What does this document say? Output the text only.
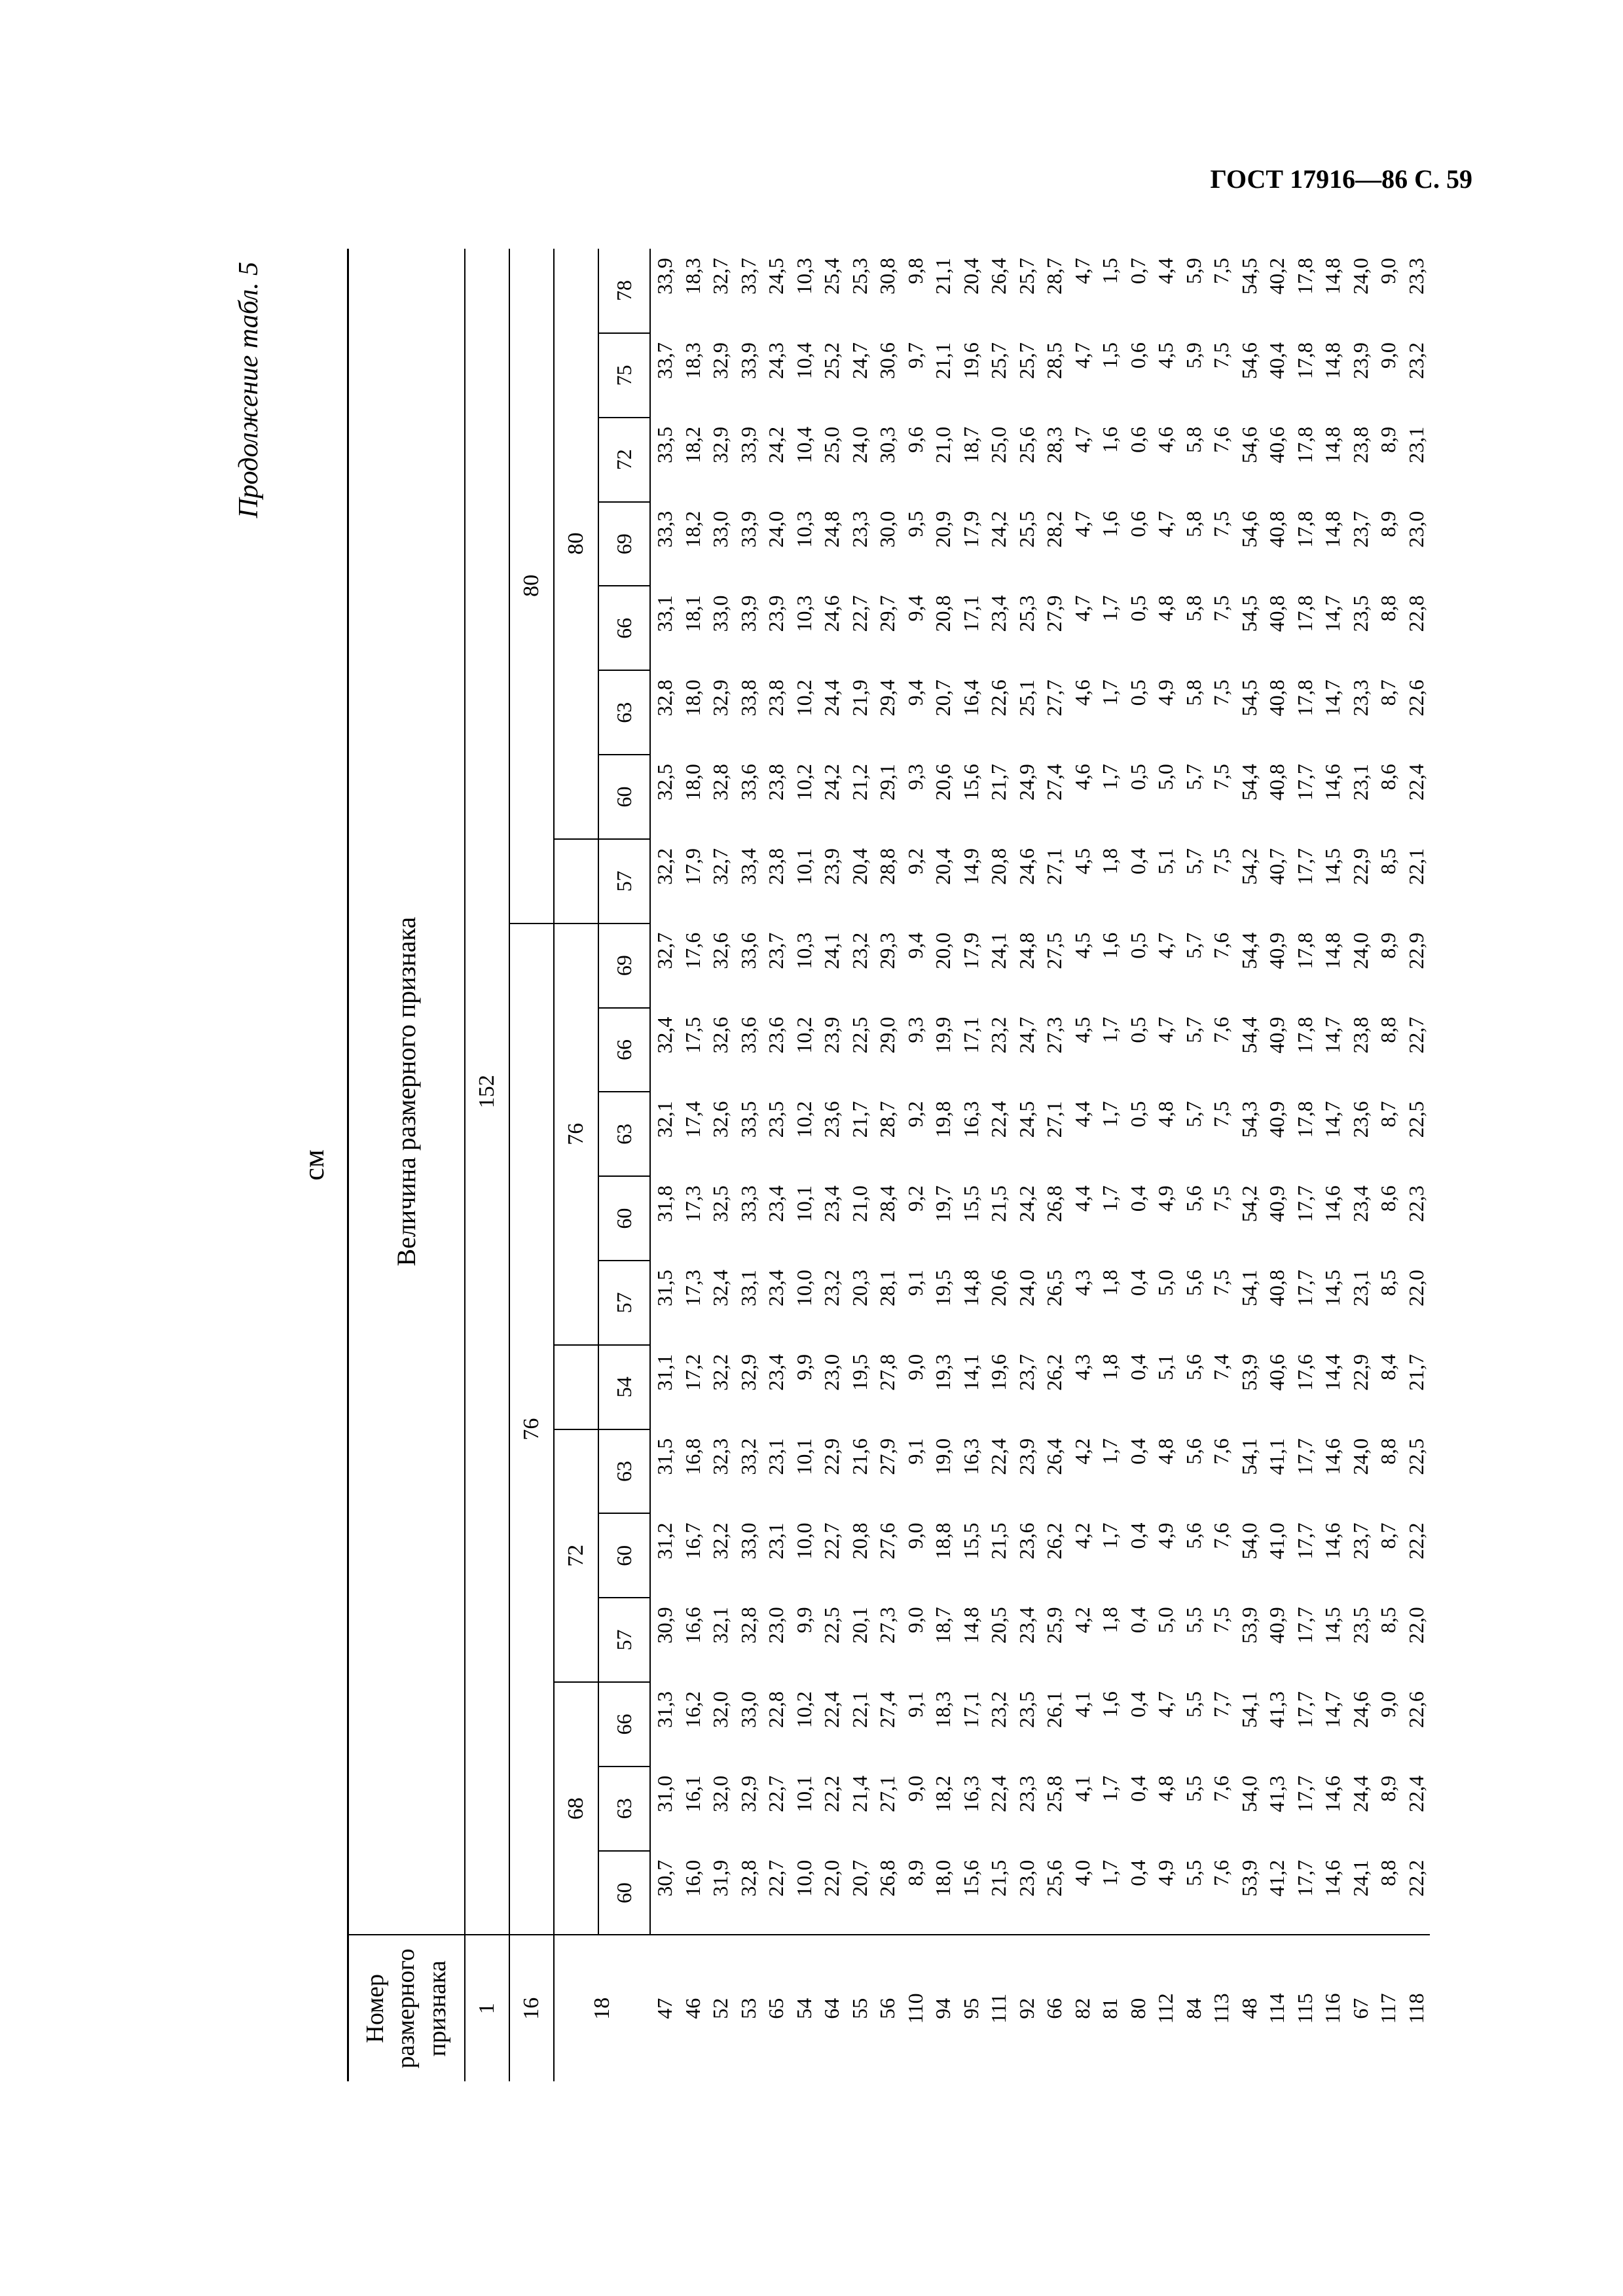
ГОСТ 17916—86 С. 59
Продолжение табл. 5
см
Номер размерного признака	Величина размерного признака																			
1	152																			
16	76												80							
18	68			72				76						80						
	60	63	66	57	60	63	54	57	60	63	66	69	57	60	63	66	69	72	75	78
47	30,7	31,0	31,3	30,9	31,2	31,5	31,1	31,5	31,8	32,1	32,4	32,7	32,2	32,5	32,8	33,1	33,3	33,5	33,7	33,9
46	16,0	16,1	16,2	16,6	16,7	16,8	17,2	17,3	17,3	17,4	17,5	17,6	17,9	18,0	18,0	18,1	18,2	18,2	18,3	18,3
52	31,9	32,0	32,0	32,1	32,2	32,3	32,2	32,4	32,5	32,6	32,6	32,6	32,7	32,8	32,9	33,0	33,0	32,9	32,9	32,7
53	32,8	32,9	33,0	32,8	33,0	33,2	32,9	33,1	33,3	33,5	33,6	33,6	33,4	33,6	33,8	33,9	33,9	33,9	33,9	33,7
65	22,7	22,7	22,8	23,0	23,1	23,1	23,4	23,4	23,4	23,5	23,6	23,7	23,8	23,8	23,8	23,9	24,0	24,2	24,3	24,5
54	10,0	10,1	10,2	9,9	10,0	10,1	9,9	10,0	10,1	10,2	10,2	10,3	10,1	10,2	10,2	10,3	10,3	10,4	10,4	10,3
64	22,0	22,2	22,4	22,5	22,7	22,9	23,0	23,2	23,4	23,6	23,9	24,1	23,9	24,2	24,4	24,6	24,8	25,0	25,2	25,4
55	20,7	21,4	22,1	20,1	20,8	21,6	19,5	20,3	21,0	21,7	22,5	23,2	20,4	21,2	21,9	22,7	23,3	24,0	24,7	25,3
56	26,8	27,1	27,4	27,3	27,6	27,9	27,8	28,1	28,4	28,7	29,0	29,3	28,8	29,1	29,4	29,7	30,0	30,3	30,6	30,8
110	8,9	9,0	9,1	9,0	9,0	9,1	9,0	9,1	9,2	9,2	9,3	9,4	9,2	9,3	9,4	9,4	9,5	9,6	9,7	9,8
94	18,0	18,2	18,3	18,7	18,8	19,0	19,3	19,5	19,7	19,8	19,9	20,0	20,4	20,6	20,7	20,8	20,9	21,0	21,1	21,1
95	15,6	16,3	17,1	14,8	15,5	16,3	14,1	14,8	15,5	16,3	17,1	17,9	14,9	15,6	16,4	17,1	17,9	18,7	19,6	20,4
111	21,5	22,4	23,2	20,5	21,5	22,4	19,6	20,6	21,5	22,4	23,2	24,1	20,8	21,7	22,6	23,4	24,2	25,0	25,7	26,4
92	23,0	23,3	23,5	23,4	23,6	23,9	23,7	24,0	24,2	24,5	24,7	24,8	24,6	24,9	25,1	25,3	25,5	25,6	25,7	25,7
66	25,6	25,8	26,1	25,9	26,2	26,4	26,2	26,5	26,8	27,1	27,3	27,5	27,1	27,4	27,7	27,9	28,2	28,3	28,5	28,7
82	4,0	4,1	4,1	4,2	4,2	4,2	4,3	4,3	4,4	4,4	4,5	4,5	4,5	4,6	4,6	4,7	4,7	4,7	4,7	4,7
81	1,7	1,7	1,6	1,8	1,7	1,7	1,8	1,8	1,7	1,7	1,7	1,6	1,8	1,7	1,7	1,7	1,6	1,6	1,5	1,5
80	0,4	0,4	0,4	0,4	0,4	0,4	0,4	0,4	0,4	0,5	0,5	0,5	0,4	0,5	0,5	0,5	0,6	0,6	0,6	0,7
112	4,9	4,8	4,7	5,0	4,9	4,8	5,1	5,0	4,9	4,8	4,7	4,7	5,1	5,0	4,9	4,8	4,7	4,6	4,5	4,4
84	5,5	5,5	5,5	5,5	5,6	5,6	5,6	5,6	5,6	5,7	5,7	5,7	5,7	5,7	5,8	5,8	5,8	5,8	5,9	5,9
113	7,6	7,6	7,7	7,5	7,6	7,6	7,4	7,5	7,5	7,5	7,6	7,6	7,5	7,5	7,5	7,5	7,5	7,6	7,5	7,5
48	53,9	54,0	54,1	53,9	54,0	54,1	53,9	54,1	54,2	54,3	54,4	54,4	54,2	54,4	54,5	54,5	54,6	54,6	54,6	54,5
114	41,2	41,3	41,3	40,9	41,0	41,1	40,6	40,8	40,9	40,9	40,9	40,9	40,7	40,8	40,8	40,8	40,8	40,6	40,4	40,2
115	17,7	17,7	17,7	17,7	17,7	17,7	17,6	17,7	17,7	17,8	17,8	17,8	17,7	17,7	17,8	17,8	17,8	17,8	17,8	17,8
116	14,6	14,6	14,7	14,5	14,6	14,6	14,4	14,5	14,6	14,7	14,7	14,8	14,5	14,6	14,7	14,7	14,8	14,8	14,8	14,8
67	24,1	24,4	24,6	23,5	23,7	24,0	22,9	23,1	23,4	23,6	23,8	24,0	22,9	23,1	23,3	23,5	23,7	23,8	23,9	24,0
117	8,8	8,9	9,0	8,5	8,7	8,8	8,4	8,5	8,6	8,7	8,8	8,9	8,5	8,6	8,7	8,8	8,9	8,9	9,0	9,0
118	22,2	22,4	22,6	22,0	22,2	22,5	21,7	22,0	22,3	22,5	22,7	22,9	22,1	22,4	22,6	22,8	23,0	23,1	23,2	23,3
